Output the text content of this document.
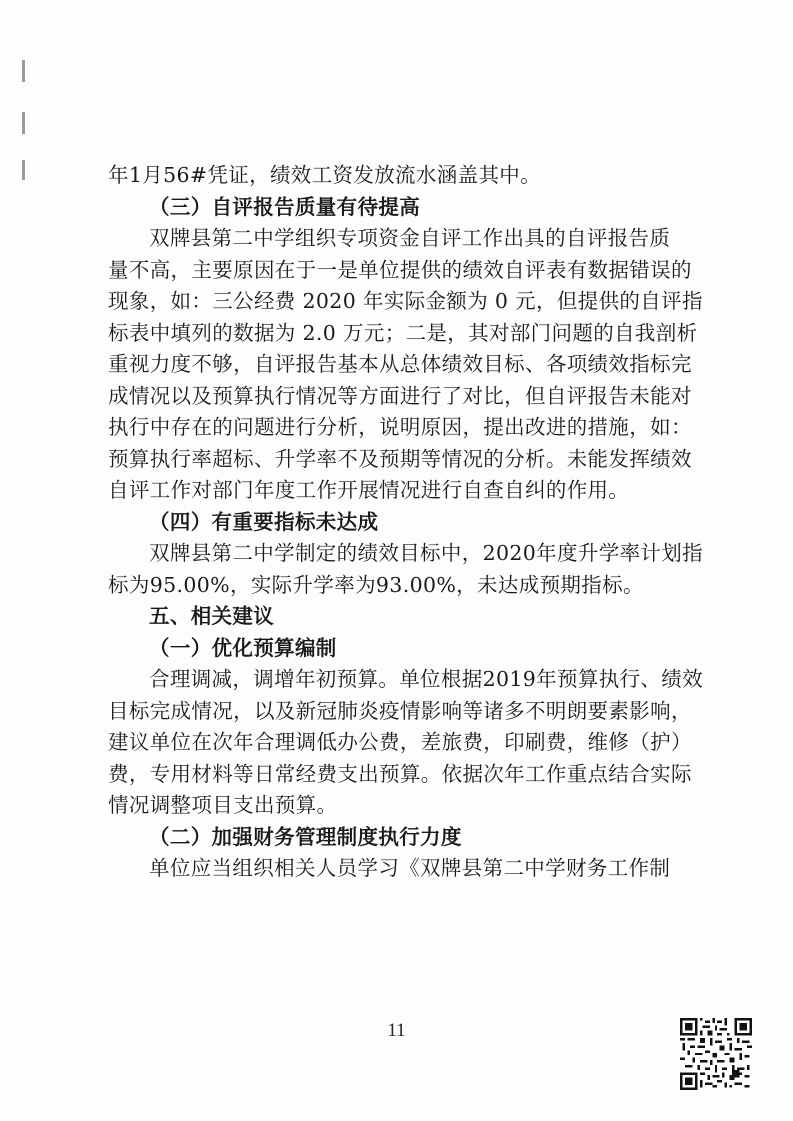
年1月56#凭证，绩效工资发放流水涵盖其中。
（三）自评报告质量有待提高
双牌县第二中学组织专项资金自评工作出具的自评报告质
量不高，主要原因在于一是单位提供的绩效自评表有数据错误的
现象，如：三公经费 2020 年实际金额为 0 元，但提供的自评指
标表中填列的数据为 2.0 万元；二是，其对部门问题的自我剖析
重视力度不够，自评报告基本从总体绩效目标、各项绩效指标完
成情况以及预算执行情况等方面进行了对比，但自评报告未能对
执行中存在的问题进行分析，说明原因，提出改进的措施，如：
预算执行率超标、升学率不及预期等情况的分析。未能发挥绩效
自评工作对部门年度工作开展情况进行自查自纠的作用。
（四）有重要指标未达成
双牌县第二中学制定的绩效目标中，2020年度升学率计划指
标为95.00%，实际升学率为93.00%，未达成预期指标。
五、相关建议
（一）优化预算编制
合理调减，调增年初预算。单位根据2019年预算执行、绩效
目标完成情况，以及新冠肺炎疫情影响等诸多不明朗要素影响，
建议单位在次年合理调低办公费，差旅费，印刷费，维修（护）
费，专用材料等日常经费支出预算。依据次年工作重点结合实际
情况调整项目支出预算。
（二）加强财务管理制度执行力度
单位应当组织相关人员学习《双牌县第二中学财务工作制
11
